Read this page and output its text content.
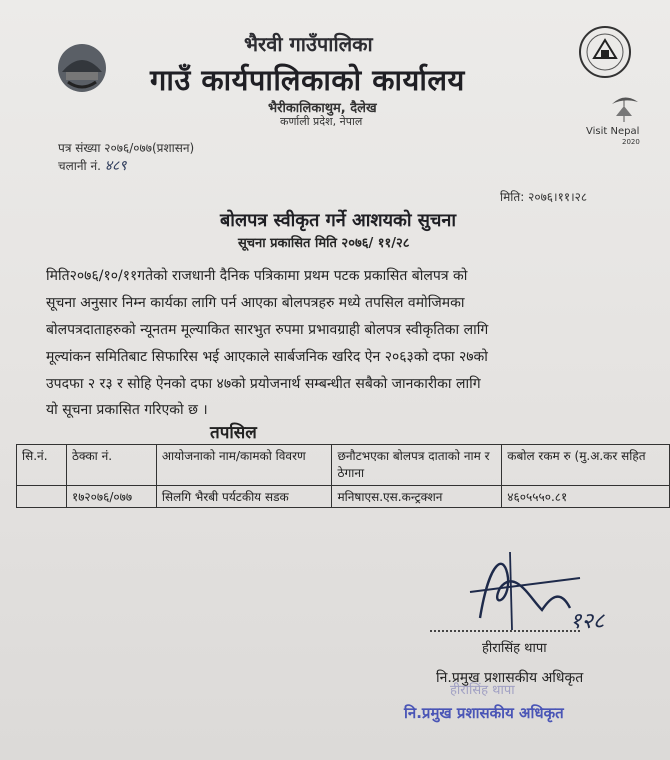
Visit Nepal
2020
भैरवी गाउँपालिका
गाउँ कार्यपालिकाको कार्यालय
भैरीकालिकाथुम, दैलेख
कर्णाली प्रदेश, नेपाल
पत्र संख्या २०७६/०७७(प्रशासन)
चलानी नं. ४८९
मिति: २०७६।११।२८
बोलपत्र स्वीकृत गर्ने आशयको सुचना
सूचना प्रकासित मिति २०७६/ ११/२८
मिति२०७६/१०/११गतेको राजधानी दैनिक पत्रिकामा प्रथम पटक प्रकासित बोलपत्र को
सूचना अनुसार निम्न कार्यका लागि पर्न आएका बोलपत्रहरु मध्ये तपसिल वमोजिमका
बोलपत्रदाताहरुको न्यूनतम मूल्याकित सारभुत रुपमा प्रभावग्राही बोलपत्र स्वीकृतिका लागि
मूल्यांकन समितिबाट सिफारिस भई आएकाले सार्बजनिक खरिद ऐन २०६३को दफा २७को
उपदफा २ र३ र सोहि ऐनको दफा ४७को प्रयोजनार्थ सम्बन्धीत सबैको जानकारीका लागि
यो सूचना प्रकासित गरिएको छ ।
तपसिल
सि.नं.	ठेक्का नं.	आयोजनाको नाम/कामको विवरण	छनौटभएका बोलपत्र दाताको नाम र ठेगाना	कबोल रकम रु (मु.अ.कर सहित
	१७२०७६/०७७	सिलगि भैरबी पर्यटकीय सडक	मनिषाएस.एस.कन्ट्रक्शन	४६०५५५०.८१
१२८
हीरासिंह थापा
हीरासिंह थापा
नि.प्रमुख प्रशासकीय अधिकृत
नि.प्रमुख प्रशासकीय अधिकृत
